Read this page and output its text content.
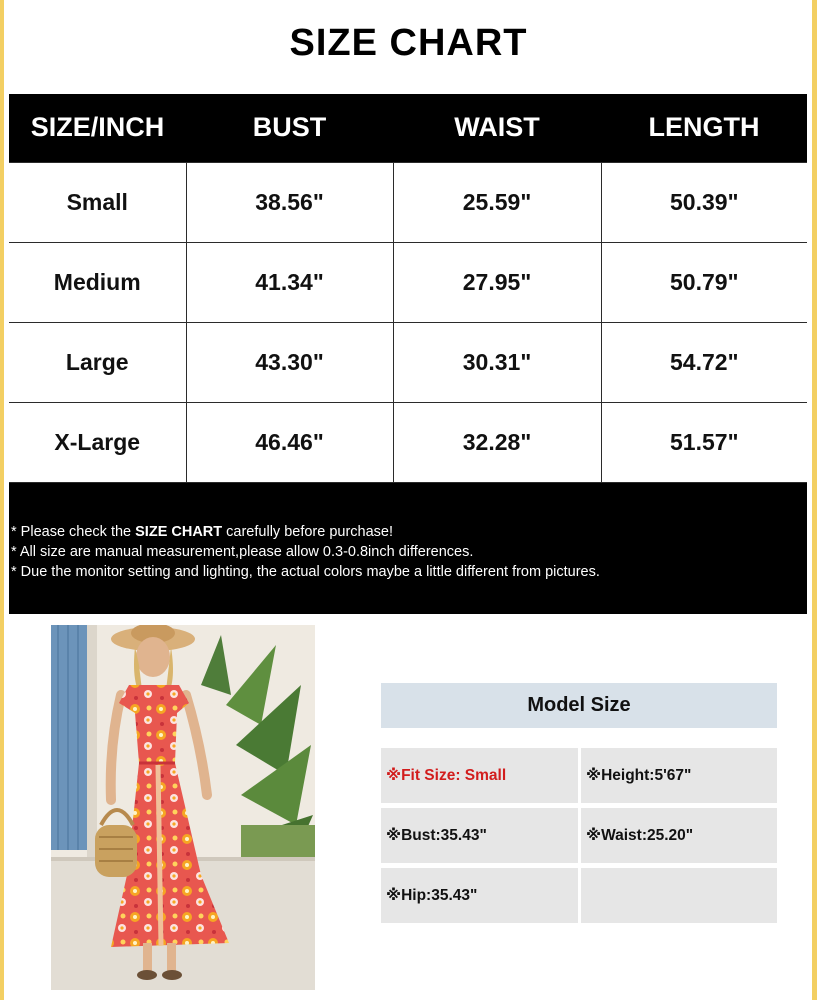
SIZE CHART
SIZE/INCH	BUST	WAIST	LENGTH
Small	38.56"	25.59"	50.39"
Medium	41.34"	27.95"	50.79"
Large	43.30"	30.31"	54.72"
X-Large	46.46"	32.28"	51.57"
* Please check the SIZE CHART carefully before purchase!
* All size are manual measurement,please allow 0.3-0.8inch differences.
* Due the monitor setting and lighting, the actual colors maybe a little different from pictures.
Model Size
※Fit Size: Small	※Height:5'67"
※Bust:35.43"	※Waist:25.20"
※Hip:35.43"
